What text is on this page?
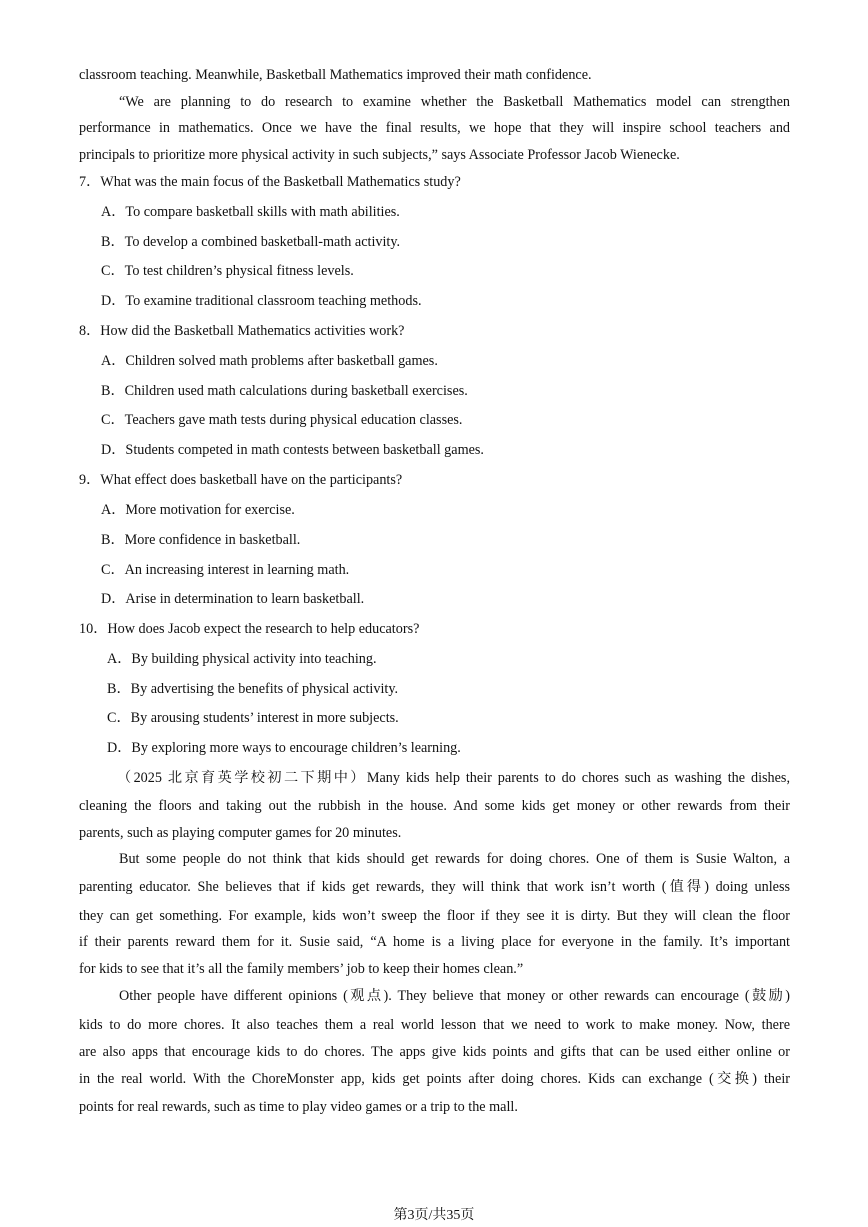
classroom teaching. Meanwhile, Basketball Mathematics improved their math confidence.
“We are planning to do research to examine whether the Basketball Mathematics model can strengthen
performance in mathematics. Once we have the final results, we hope that they will inspire school teachers and
principals to prioritize more physical activity in such subjects,” says Associate Professor Jacob Wienecke.
7．What was the main focus of the Basketball Mathematics study?
A．To compare basketball skills with math abilities.
B．To develop a combined basketball-math activity.
C．To test children’s physical fitness levels.
D．To examine traditional classroom teaching methods.
8．How did the Basketball Mathematics activities work?
A．Children solved math problems after basketball games.
B．Children used math calculations during basketball exercises.
C．Teachers gave math tests during physical education classes.
D．Students competed in math contests between basketball games.
9．What effect does basketball have on the participants?
A．More motivation for exercise.
B．More confidence in basketball.
C．An increasing interest in learning math.
D．Arise in determination to learn basketball.
10．How does Jacob expect the research to help educators?
A．By building physical activity into teaching.
B．By advertising the benefits of physical activity.
C．By arousing students’ interest in more subjects.
D．By exploring more ways to encourage children’s learning.
（2025 北京育英学校初二下期中）Many kids help their parents to do chores such as washing the dishes,
cleaning the floors and taking out the rubbish in the house. And some kids get money or other rewards from their
parents, such as playing computer games for 20 minutes.
But some people do not think that kids should get rewards for doing chores. One of them is Susie Walton, a
parenting educator. She believes that if kids get rewards, they will think that work isn’t worth (值得) doing unless
they can get something. For example, kids won’t sweep the floor if they see it is dirty. But they will clean the floor
if their parents reward them for it. Susie said, “A home is a living place for everyone in the family. It’s important
for kids to see that it’s all the family members’ job to keep their homes clean.”
Other people have different opinions (观点). They believe that money or other rewards can encourage (鼓励)
kids to do more chores. It also teaches them a real world lesson that we need to work to make money. Now, there
are also apps that encourage kids to do chores. The apps give kids points and gifts that can be used either online or
in the real world. With the ChoreMonster app, kids get points after doing chores. Kids can exchange (交换) their
points for real rewards, such as time to play video games or a trip to the mall.
第3页/共35页
